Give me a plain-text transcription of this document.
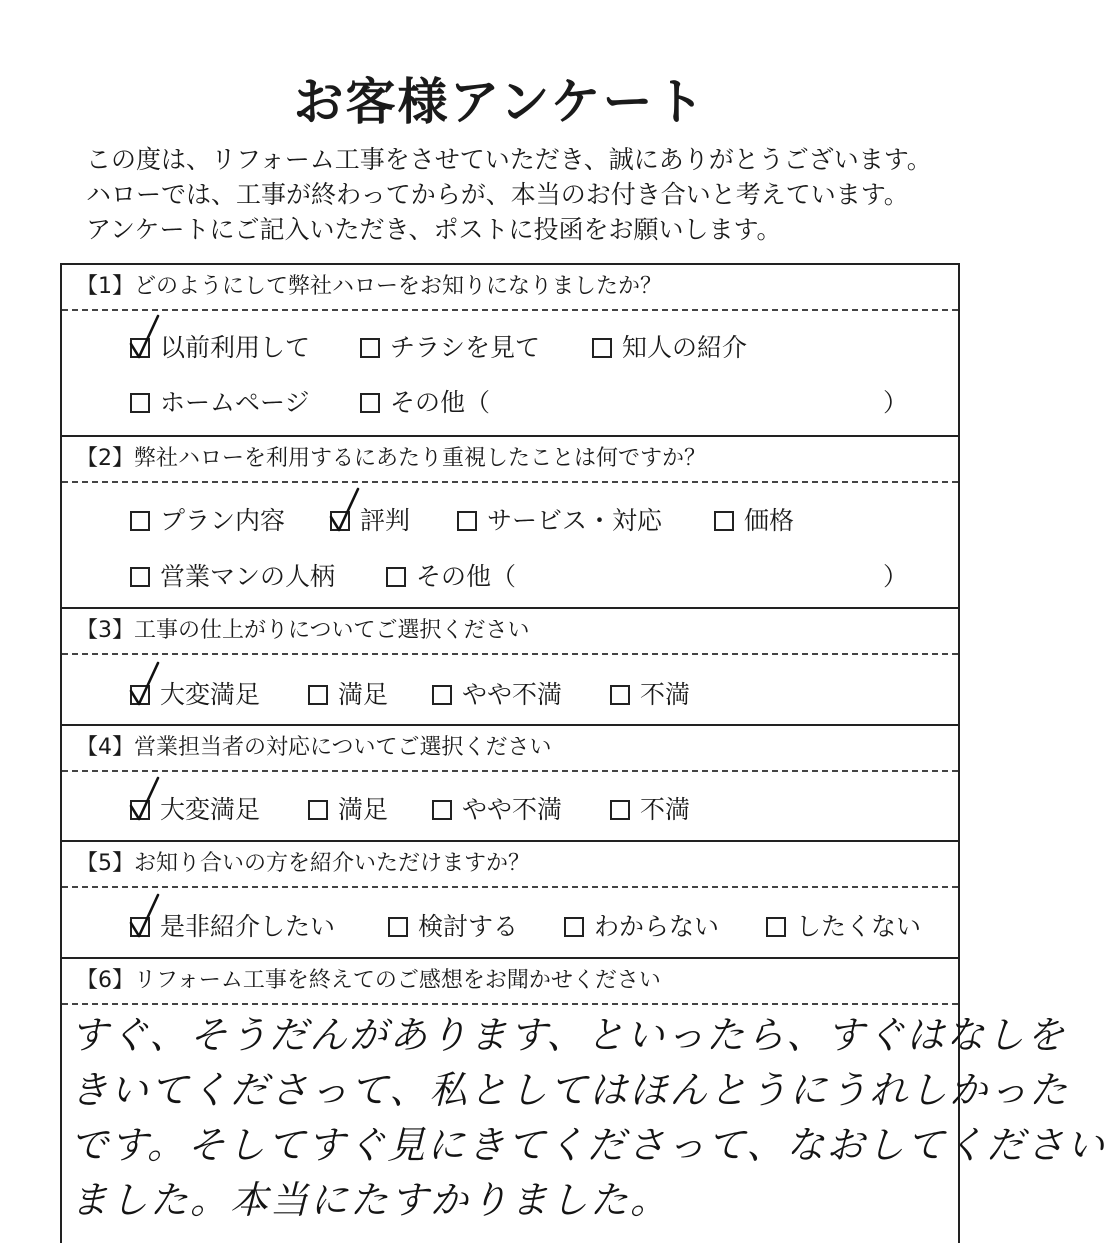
お客様アンケート
この度は、リフォーム工事をさせていただき、誠にありがとうございます。
ハローでは、工事が終わってからが、本当のお付き合いと考えています。
アンケートにご記入いただき、ポストに投函をお願いします。
【1】どのようにして弊社ハローをお知りになりましたか？
以前利用して	チラシを見て	知人の紹介
ホームページ	その他（	）
【2】弊社ハローを利用するにあたり重視したことは何ですか？
プラン内容	評判	サービス・対応	価格
営業マンの人柄	その他（	）
【3】工事の仕上がりについてご選択ください
大変満足	満足	やや不満	不満
【4】営業担当者の対応についてご選択ください
大変満足	満足	やや不満	不満
【5】お知り合いの方を紹介いただけますか？
是非紹介したい	検討する	わからない	したくない
【6】リフォーム工事を終えてのご感想をお聞かせください
すぐ、そうだんがあります、といったら、すぐはなしを
きいてくださって、私としてはほんとうにうれしかった
です。そしてすぐ見にきてくださって、なおしてください
ました。本当にたすかりました。
